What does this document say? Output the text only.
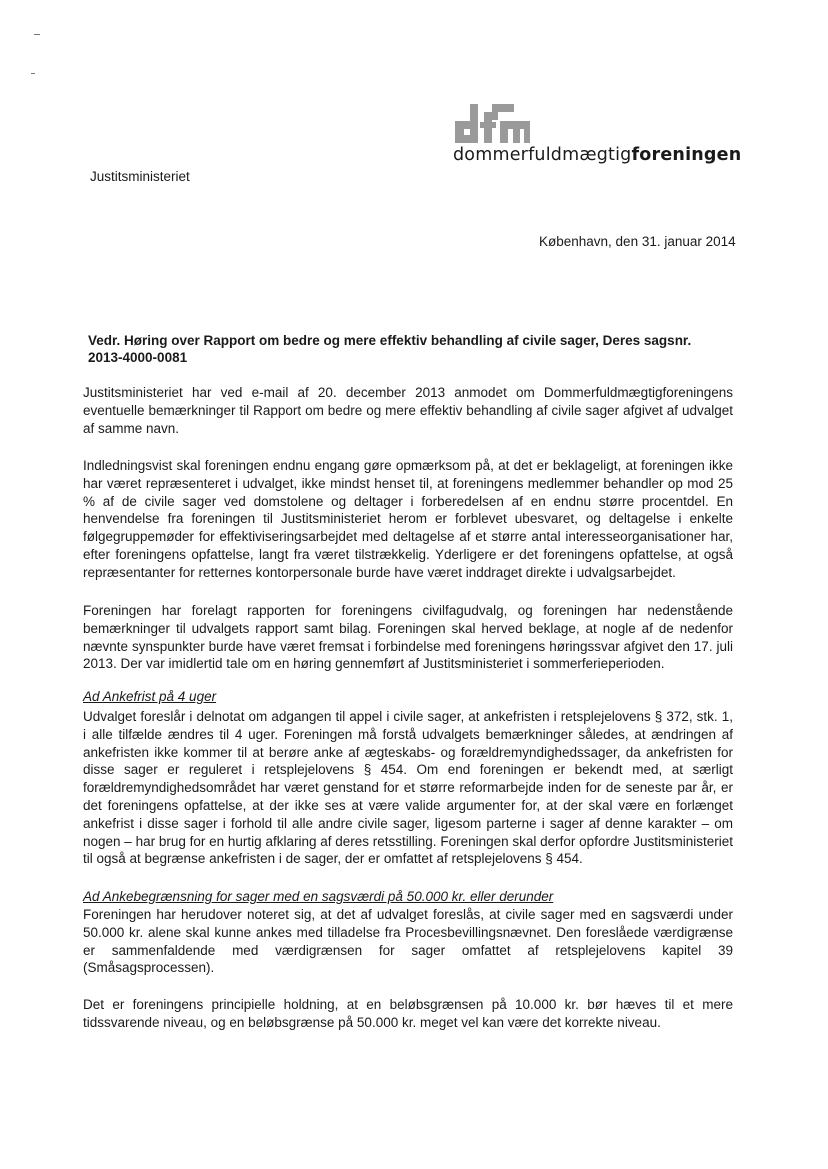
dommerfuldmægtigforeningen
Justitsministeriet
København, den 31. januar 2014
Vedr. Høring over Rapport om bedre og mere effektiv behandling af civile sager, Deres sagsnr. 2013-4000-0081
Justitsministeriet har ved e-mail af 20. december 2013 anmodet om Dommerfuldmægtigforeningens eventuelle bemærkninger til Rapport om bedre og mere effektiv behandling af civile sager afgivet af udvalget af samme navn.
Indledningsvist skal foreningen endnu engang gøre opmærksom på, at det er beklageligt, at foreningen ikke har været repræsenteret i udvalget, ikke mindst henset til, at foreningens medlemmer behandler op mod 25 % af de civile sager ved domstolene og deltager i forberedelsen af en endnu større procentdel. En henvendelse fra foreningen til Justitsministeriet herom er forblevet ubesvaret, og deltagelse i enkelte følgegruppemøder for effektiviseringsarbejdet med deltagelse af et større antal interesseorganisationer har, efter foreningens opfattelse, langt fra været tilstrækkelig. Yderligere er det foreningens opfattelse, at også repræsentanter for retternes kontorpersonale burde have været inddraget direkte i udvalgsarbejdet.
Foreningen har forelagt rapporten for foreningens civilfagudvalg, og foreningen har nedenstående bemærkninger til udvalgets rapport samt bilag. Foreningen skal herved beklage, at nogle af de nedenfor nævnte synspunkter burde have været fremsat i forbindelse med foreningens høringssvar afgivet den 17. juli 2013. Der var imidlertid tale om en høring gennemført af Justitsministeriet i sommerferieperioden.
Ad Ankefrist på 4 uger
Udvalget foreslår i delnotat om adgangen til appel i civile sager, at ankefristen i retsplejelovens § 372, stk. 1, i alle tilfælde ændres til 4 uger. Foreningen må forstå udvalgets bemærkninger således, at ændringen af ankefristen ikke kommer til at berøre anke af ægteskabs- og forældremyndighedssager, da ankefristen for disse sager er reguleret i retsplejelovens § 454. Om end foreningen er bekendt med, at særligt forældremyndighedsområdet har været genstand for et større reformarbejde inden for de seneste par år, er det foreningens opfattelse, at der ikke ses at være valide argumenter for, at der skal være en forlænget ankefrist i disse sager i forhold til alle andre civile sager, ligesom parterne i sager af denne karakter – om nogen – har brug for en hurtig afklaring af deres retsstilling. Foreningen skal derfor opfordre Justitsministeriet til også at begrænse ankefristen i de sager, der er omfattet af retsplejelovens § 454.
Ad Ankebegrænsning for sager med en sagsværdi på 50.000 kr. eller derunder
Foreningen har herudover noteret sig, at det af udvalget foreslås, at civile sager med en sagsværdi under 50.000 kr. alene skal kunne ankes med tilladelse fra Procesbevillingsnævnet. Den foreslåede værdigrænse er sammenfaldende med værdigrænsen for sager omfattet af retsplejelovens kapitel 39 (Småsagsprocessen).
Det er foreningens principielle holdning, at en beløbsgrænsen på 10.000 kr. bør hæves til et mere tidssvarende niveau, og en beløbsgrænse på 50.000 kr. meget vel kan være det korrekte niveau.
